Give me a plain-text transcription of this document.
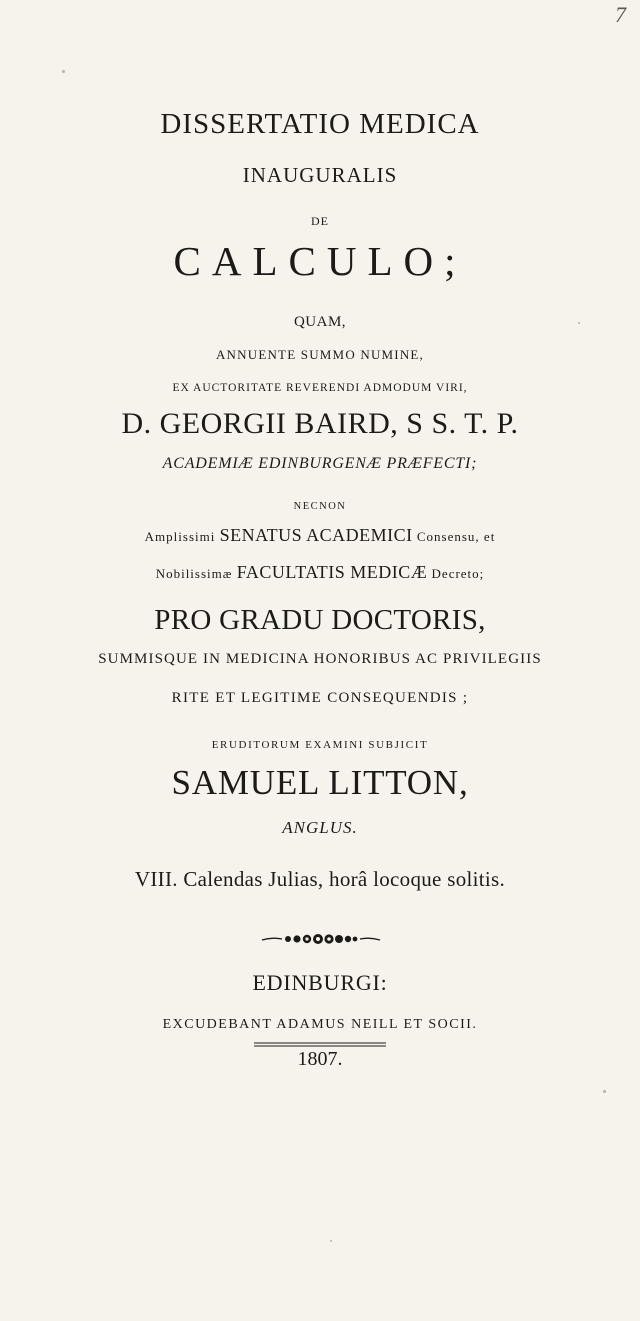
7
DISSERTATIO MEDICA
INAUGURALIS
DE
CALCULO;
QUAM,
ANNUENTE SUMMO NUMINE,
EX AUCTORITATE REVERENDI ADMODUM VIRI,
D. GEORGII BAIRD, S S. T. P.
ACADEMIÆ EDINBURGENÆ PRÆFECTI;
NECNON
Amplissimi SENATUS ACADEMICI Consensu, et
Nobilissimæ FACULTATIS MEDICÆ Decreto;
PRO GRADU DOCTORIS,
SUMMISQUE IN MEDICINA HONORIBUS AC PRIVILEGIIS
RITE ET LEGITIME CONSEQUENDIS ;
ERUDITORUM EXAMINI SUBJICIT
SAMUEL LITTON,
ANGLUS.
VIII. Calendas Julias, horâ locoque solitis.
EDINBURGI:
EXCUDEBANT ADAMUS NEILL ET SOCII.
1807.
